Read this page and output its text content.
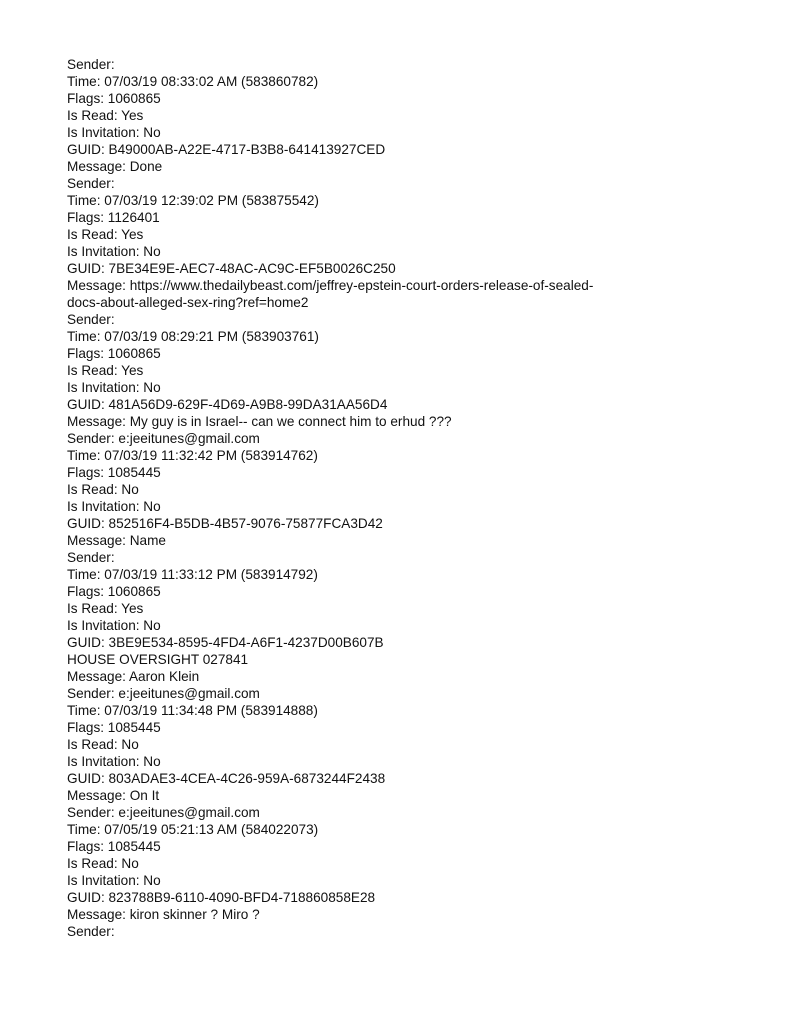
Sender:
Time: 07/03/19 08:33:02 AM (583860782)
Flags: 1060865
Is Read: Yes
Is Invitation: No
GUID: B49000AB-A22E-4717-B3B8-641413927CED
Message: Done
Sender:
Time: 07/03/19 12:39:02 PM (583875542)
Flags: 1126401
Is Read: Yes
Is Invitation: No
GUID: 7BE34E9E-AEC7-48AC-AC9C-EF5B0026C250
Message: https://www.thedailybeast.com/jeffrey-epstein-court-orders-release-of-sealed-
docs-about-alleged-sex-ring?ref=home2
Sender:
Time: 07/03/19 08:29:21 PM (583903761)
Flags: 1060865
Is Read: Yes
Is Invitation: No
GUID: 481A56D9-629F-4D69-A9B8-99DA31AA56D4
Message: My guy is in Israel-- can we connect him to erhud ???
Sender: e:jeeitunes@gmail.com
Time: 07/03/19 11:32:42 PM (583914762)
Flags: 1085445
Is Read: No
Is Invitation: No
GUID: 852516F4-B5DB-4B57-9076-75877FCA3D42
Message: Name
Sender:
Time: 07/03/19 11:33:12 PM (583914792)
Flags: 1060865
Is Read: Yes
Is Invitation: No
GUID: 3BE9E534-8595-4FD4-A6F1-4237D00B607B
HOUSE OVERSIGHT 027841
Message: Aaron Klein
Sender: e:jeeitunes@gmail.com
Time: 07/03/19 11:34:48 PM (583914888)
Flags: 1085445
Is Read: No
Is Invitation: No
GUID: 803ADAE3-4CEA-4C26-959A-6873244F2438
Message: On It
Sender: e:jeeitunes@gmail.com
Time: 07/05/19 05:21:13 AM (584022073)
Flags: 1085445
Is Read: No
Is Invitation: No
GUID: 823788B9-6110-4090-BFD4-718860858E28
Message: kiron skinner ? Miro ?
Sender:
